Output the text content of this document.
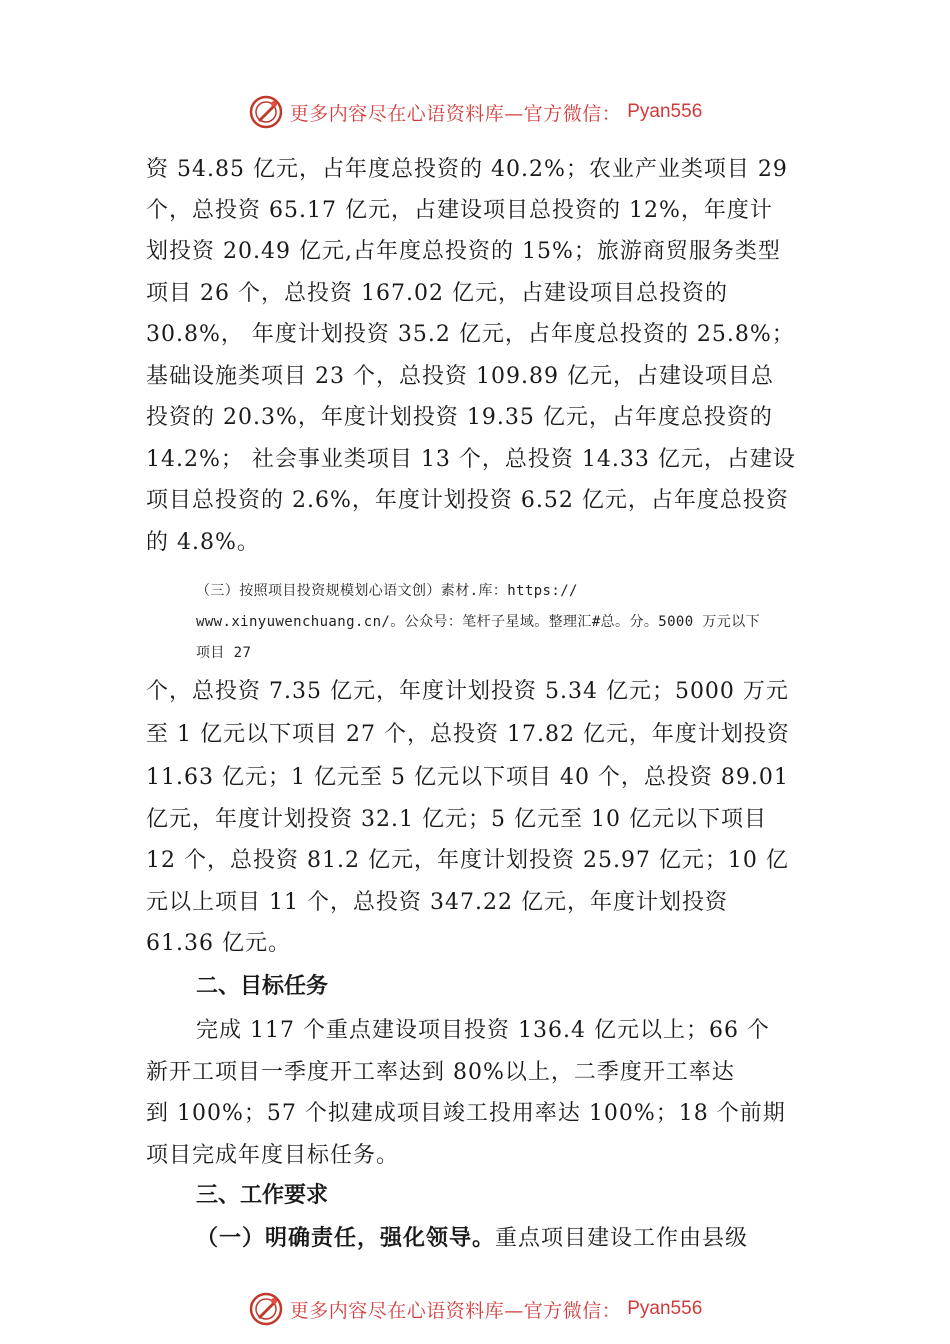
更多内容尽在心语资料库—官方微信： Pyan556

资 54.85 亿元，占年度总投资的 40.2%；农业产业类项目 29

个，总投资 65.17 亿元，占建设项目总投资的 12%，年度计

划投资 20.49 亿元,占年度总投资的 15%；旅游商贸服务类型

项目 26 个，总投资 167.02 亿元，占建设项目总投资的

30.8%， 年度计划投资 35.2 亿元，占年度总投资的 25.8%；

基础设施类项目 23 个，总投资 109.89 亿元，占建设项目总

投资的 20.3%，年度计划投资 19.35 亿元，占年度总投资的

14.2%； 社会事业类项目 13 个，总投资 14.33 亿元，占建设

项目总投资的 2.6%，年度计划投资 6.52 亿元，占年度总投资

的 4.8%。

（三）按照项目投资规模划心语文创）素材.库：https://

www.xinyuwenchuang.cn/。公众号：笔杆子星域。整理汇#总。分。5000 万元以下

项目 27

个，总投资 7.35 亿元，年度计划投资 5.34 亿元；5000 万元

至 1 亿元以下项目 27 个，总投资 17.82 亿元，年度计划投资

11.63 亿元；1 亿元至 5 亿元以下项目 40 个，总投资 89.01

亿元，年度计划投资 32.1 亿元；5 亿元至 10 亿元以下项目

12 个，总投资 81.2 亿元，年度计划投资 25.97 亿元；10 亿

元以上项目 11 个，总投资 347.22 亿元，年度计划投资

61.36 亿元。

二、目标任务

完成 117 个重点建设项目投资 136.4 亿元以上；66 个

新开工项目一季度开工率达到 80%以上，二季度开工率达

到 100%；57 个拟建成项目竣工投用率达 100%；18 个前期

项目完成年度目标任务。

三、工作要求

（一）明确责任，强化领导。重点项目建设工作由县级

更多内容尽在心语资料库—官方微信： Pyan556
